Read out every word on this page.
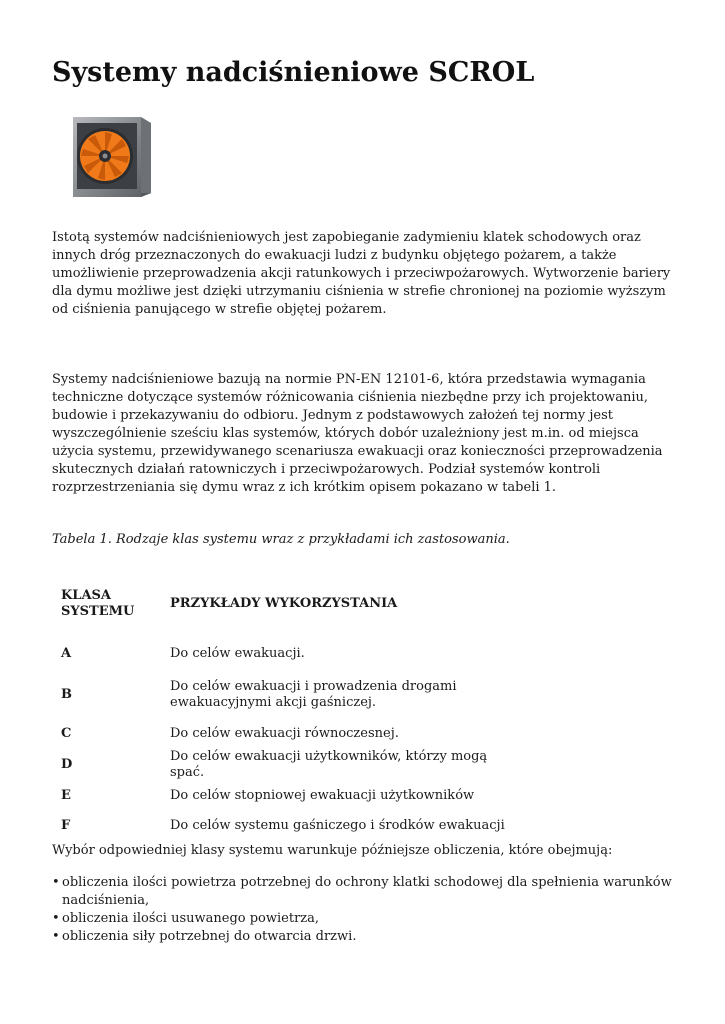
Systemy nadciśnieniowe SCROL

Istotą systemów nadciśnieniowych jest zapobieganie zadymieniu klatek schodowych oraz innych dróg przeznaczonych do ewakuacji ludzi z budynku objętego pożarem, a także umożliwienie przeprowadzenia akcji ratunkowych i przeciwpożarowych. Wytworzenie bariery dla dymu możliwe jest dzięki utrzymaniu ciśnienia w strefie chronionej na poziomie wyższym od ciśnienia panującego w strefie objętej pożarem.

Systemy nadciśnieniowe bazują na normie PN-EN 12101-6, która przedstawia wymagania techniczne dotyczące systemów różnicowania ciśnienia niezbędne przy ich projektowaniu, budowie i przekazywaniu do odbioru. Jednym z podstawowych założeń tej normy jest wyszczególnienie sześciu klas systemów, których dobór uzależniony jest m.in. od miejsca użycia systemu, przewidywanego scenariusza ewakuacji oraz konieczności przeprowadzenia skutecznych działań ratowniczych i przeciwpożarowych. Podział systemów kontroli rozprzestrzeniania się dymu wraz z ich krótkim opisem pokazano w tabeli 1.

Tabela 1. Rodzaje klas systemu wraz z przykładami ich zastosowania.

KLASA SYSTEMU	PRZYKŁADY WYKORZYSTANIA
A	Do celów ewakuacji.
B	Do celów ewakuacji i prowadzenia drogami ewakuacyjnymi akcji gaśniczej.
C	Do celów ewakuacji równoczesnej.
D	Do celów ewakuacji użytkowników, którzy mogą spać.
E	Do celów stopniowej ewakuacji użytkowników
F	Do celów systemu gaśniczego i środków ewakuacji

Wybór odpowiedniej klasy systemu warunkuje późniejsze obliczenia, które obejmują:

• obliczenia ilości powietrza potrzebnej do ochrony klatki schodowej dla spełnienia warunków nadciśnienia,
• obliczenia ilości usuwanego powietrza,
• obliczenia siły potrzebnej do otwarcia drzwi.
